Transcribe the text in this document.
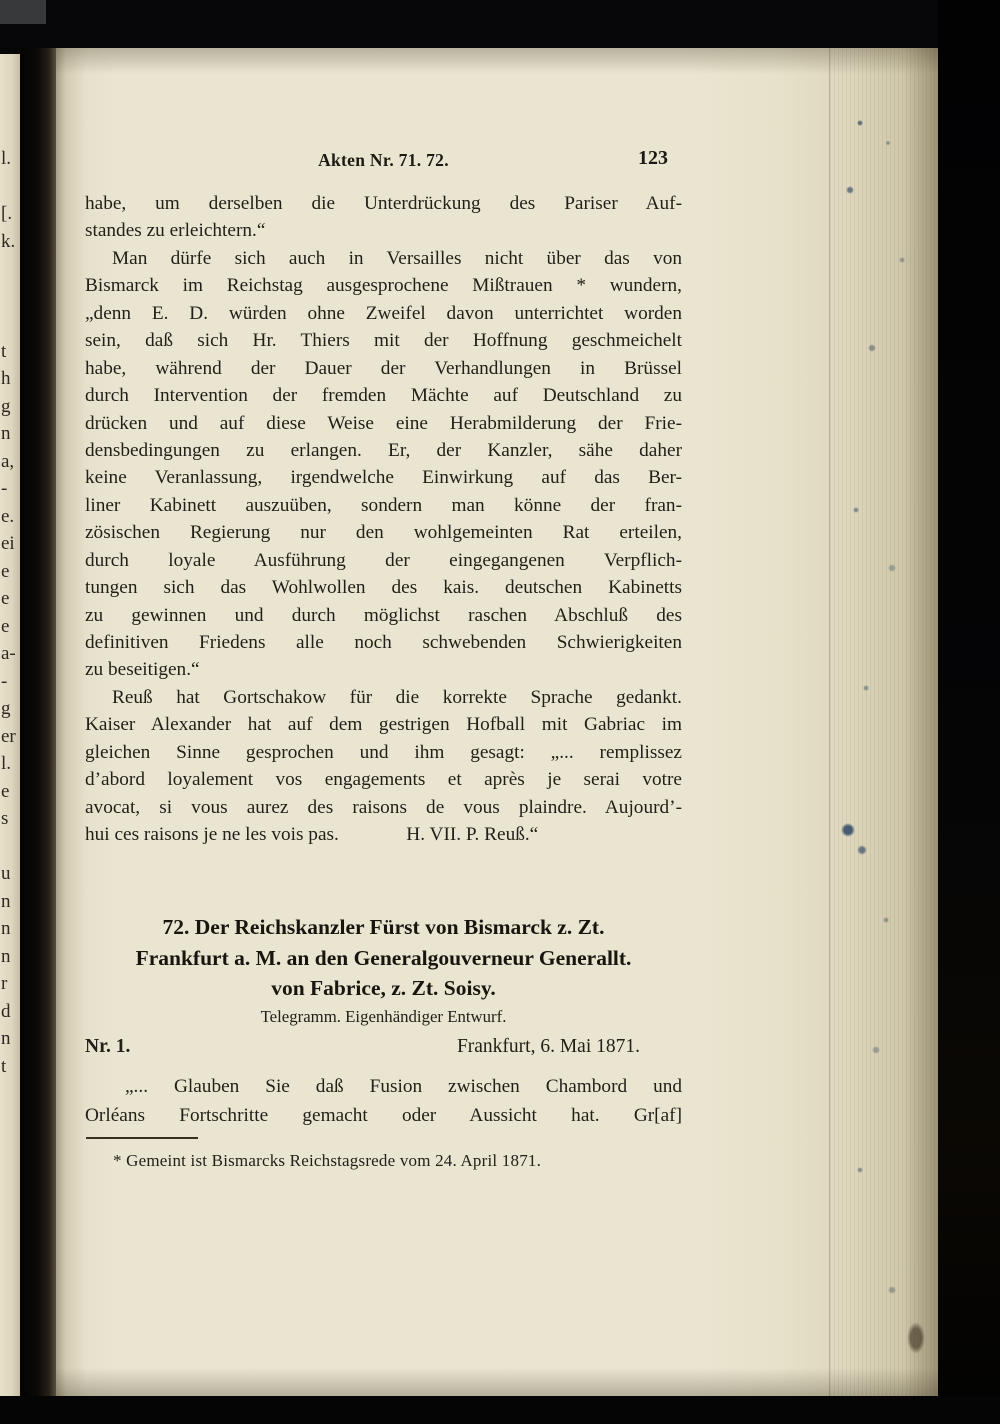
l.
[.
k.
t
h
g
n
a,
-
e.
ei
e
e
e
a-
-
g
er
l.
e
s
u
n
n
n
r
d
n
t
Akten Nr. 71. 72.	123
habe, um derselben die Unterdrückung des Pariser Auf-
standes zu erleichtern.“
Man dürfe sich auch in Versailles nicht über das von
Bismarck im Reichstag ausgesprochene Mißtrauen * wundern,
„denn E. D. würden ohne Zweifel davon unterrichtet worden
sein, daß sich Hr. Thiers mit der Hoffnung geschmeichelt
habe, während der Dauer der Verhandlungen in Brüssel
durch Intervention der fremden Mächte auf Deutschland zu
drücken und auf diese Weise eine Herabmilderung der Frie-
densbedingungen zu erlangen. Er, der Kanzler, sähe daher
keine Veranlassung, irgendwelche Einwirkung auf das Ber-
liner Kabinett auszuüben, sondern man könne der fran-
zösischen Regierung nur den wohlgemeinten Rat erteilen,
durch loyale Ausführung der eingegangenen Verpflich-
tungen sich das Wohlwollen des kais. deutschen Kabinetts
zu gewinnen und durch möglichst raschen Abschluß des
definitiven Friedens alle noch schwebenden Schwierigkeiten
zu beseitigen.“
Reuß hat Gortschakow für die korrekte Sprache gedankt.
Kaiser Alexander hat auf dem gestrigen Hofball mit Gabriac im
gleichen Sinne gesprochen und ihm gesagt: „... remplissez
d’abord loyalement vos engagements et après je serai votre
avocat, si vous aurez des raisons de vous plaindre. Aujourd’-
hui ces raisons je ne les vois pas.    H. VII. P. Reuß.“
72. Der Reichskanzler Fürst von Bismarck z. Zt.
Frankfurt a. M. an den Generalgouverneur Generallt.
von Fabrice, z. Zt. Soisy.
Telegramm. Eigenhändiger Entwurf.
Nr. 1.	Frankfurt, 6. Mai 1871.
„... Glauben Sie daß Fusion zwischen Chambord und
Orléans Fortschritte gemacht oder Aussicht hat. Gr[af]
* Gemeint ist Bismarcks Reichstagsrede vom 24. April 1871.
